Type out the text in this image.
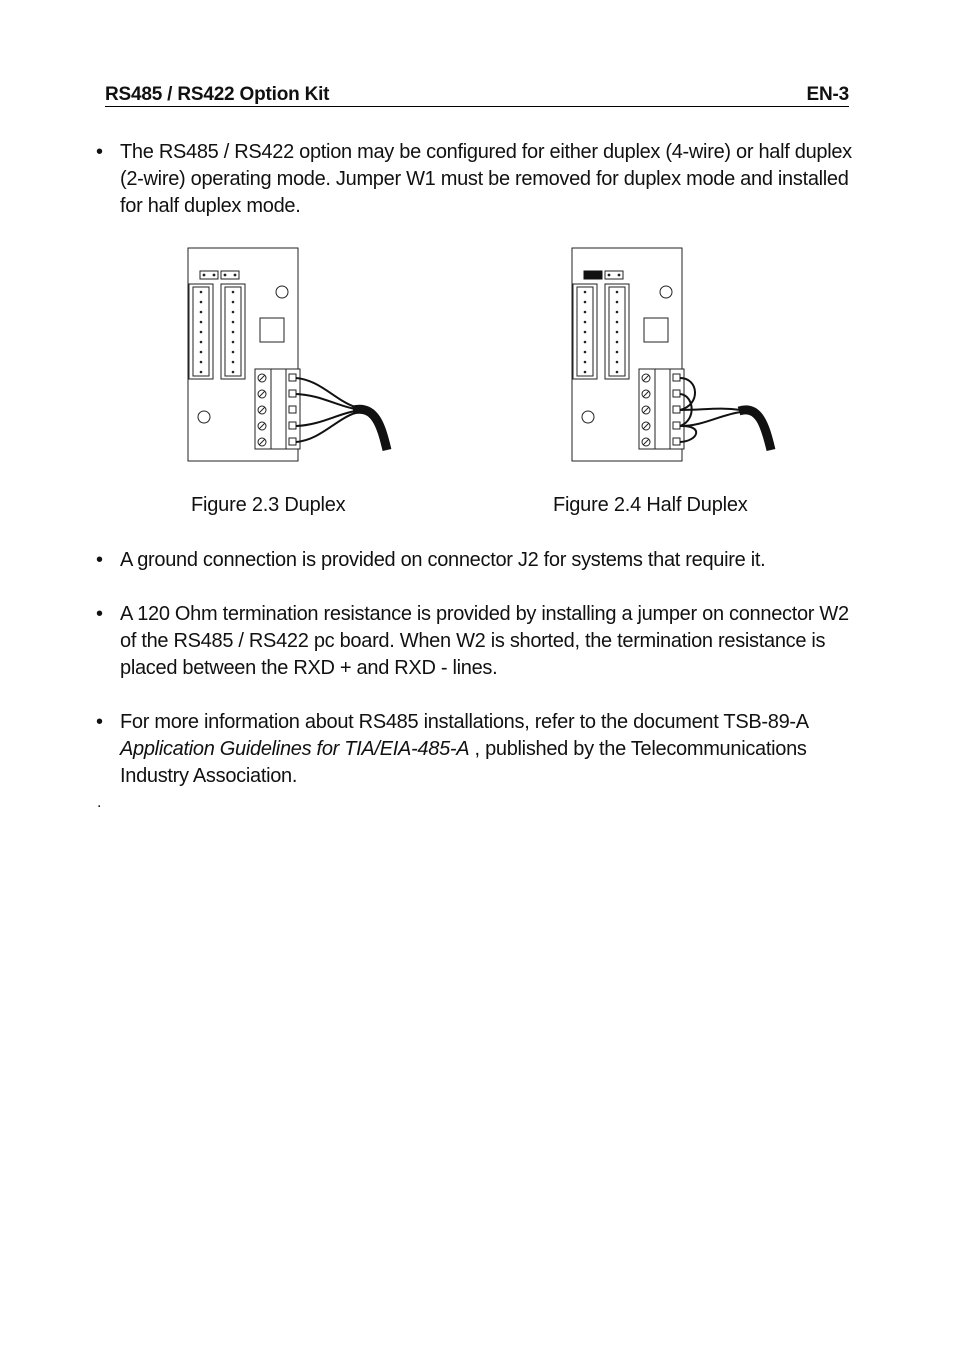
RS485 / RS422 Option Kit	EN-3
• The RS485 / RS422 option may be configured for either duplex (4-wire) or half duplex (2-wire) operating mode. Jumper W1 must be removed for duplex mode and installed for half duplex mode.
Figure 2.3 Duplex	Figure 2.4 Half Duplex
• A ground connection is provided on connector J2 for systems that require it.
• A 120 Ohm termination resistance is provided by installing a jumper on connector W2 of the RS485 / RS422 pc board. When W2 is shorted, the termination resistance is placed between the RXD + and RXD - lines.
• For more information about RS485 installations, refer to the document TSB-89-A Application Guidelines for TIA/EIA-485-A , published by the Telecommunications Industry Association.
.
